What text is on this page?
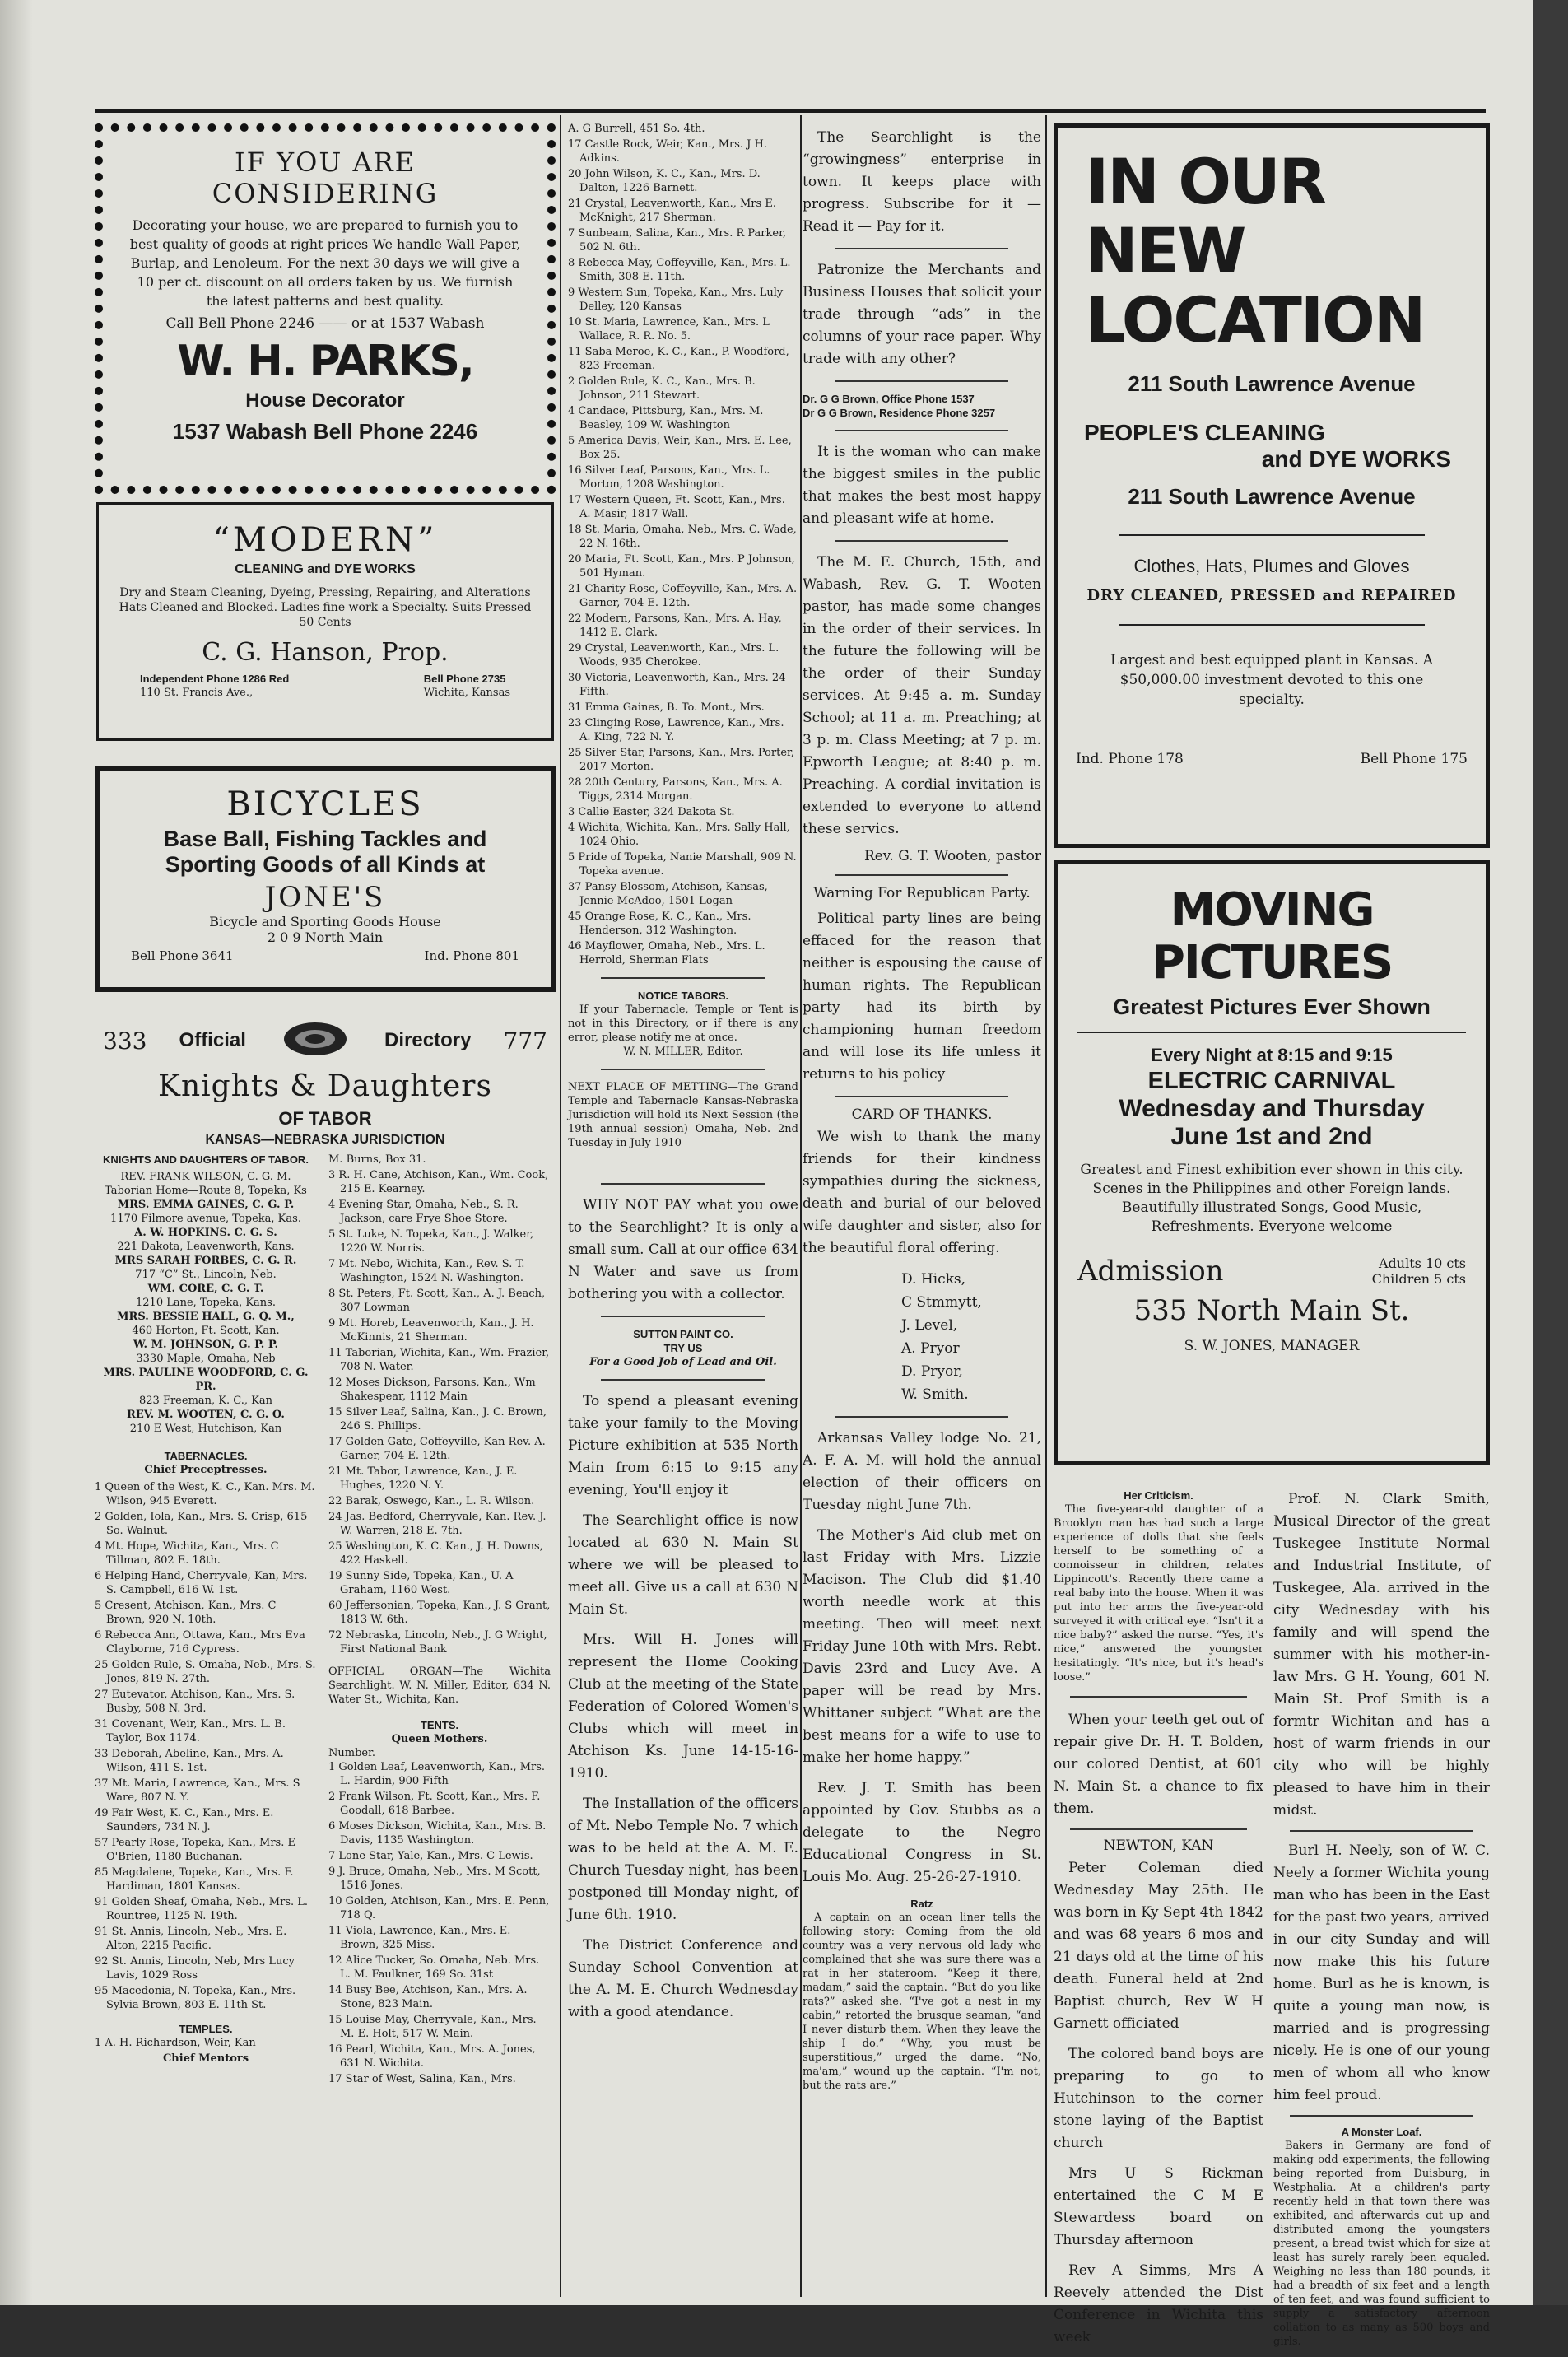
IF YOU ARE CONSIDERING

Decorating your house, we are prepared to furnish you to best quality of goods at right prices We handle Wall Paper, Burlap, and Lenoleum. For the next 30 days we will give a 10 per ct. discount on all orders taken by us. We furnish the latest patterns and best quality.

Call Bell Phone 2246 —— or at 1537 Wabash

W. H. PARKS,

House Decorator

1537 Wabash Bell Phone 2246

“MODERN”

CLEANING and DYE WORKS

Dry and Steam Cleaning, Dyeing, Pressing, Repairing, and Alterations Hats Cleaned and Blocked. Ladies fine work a Specialty. Suits Pressed 50 Cents

C. G. Hanson, Prop.

Independent Phone 1286 Red

110 St. Francis Ave.,

Bell Phone 2735

Wichita, Kansas

BICYCLES

Base Ball, Fishing Tackles and

Sporting Goods of all Kinds at

JONE'S

Bicycle and Sporting Goods House

2 0 9 North Main

Bell Phone 3641	Ind. Phone 801
333 Official	Directory 777

Knights & Daughters

OF TABOR

KANSAS—NEBRASKA JURISDICTION

KNIGHTS AND DAUGHTERS OF TABOR.

REV. FRANK WILSON, C. G. M.

Taborian Home—Route 8, Topeka, Ks

MRS. EMMA GAINES, C. G. P.

1170 Filmore avenue, Topeka, Kas.

A. W. HOPKINS. C. G. S.

221 Dakota, Leavenworth, Kans.

MRS SARAH FORBES, C. G. R.

717 “C” St., Lincoln, Neb.

WM. CORE, C. G. T.

1210 Lane, Topeka, Kans.

MRS. BESSIE HALL, G. Q. M.,

460 Horton, Ft. Scott, Kan.

W. M. JOHNSON, G. P. P.

3330 Maple, Omaha, Neb

MRS. PAULINE WOODFORD, C. G. PR.

823 Freeman, K. C., Kan

REV. M. WOOTEN, C. G. O.

210 E West, Hutchison, Kan

TABERNACLES.

Chief Preceptresses.

1 Queen of the West, K. C., Kan. Mrs. M. Wilson, 945 Everett.

2 Golden, Iola, Kan., Mrs. S. Crisp, 615 So. Walnut.

4 Mt. Hope, Wichita, Kan., Mrs. C Tillman, 802 E. 18th.

6 Helping Hand, Cherryvale, Kan, Mrs. S. Campbell, 616 W. 1st.

5 Cresent, Atchison, Kan., Mrs. C Brown, 920 N. 10th.

6 Rebecca Ann, Ottawa, Kan., Mrs Eva Clayborne, 716 Cypress.

25 Golden Rule, S. Omaha, Neb., Mrs. S. Jones, 819 N. 27th.

27 Eutevator, Atchison, Kan., Mrs. S. Busby, 508 N. 3rd.

31 Covenant, Weir, Kan., Mrs. L. B. Taylor, Box 1174.

33 Deborah, Abeline, Kan., Mrs. A. Wilson, 411 S. 1st.

37 Mt. Maria, Lawrence, Kan., Mrs. S Ware, 807 N. Y.

49 Fair West, K. C., Kan., Mrs. E. Saunders, 734 N. J.

57 Pearly Rose, Topeka, Kan., Mrs. E O'Brien, 1180 Buchanan.

85 Magdalene, Topeka, Kan., Mrs. F. Hardiman, 1801 Kansas.

91 Golden Sheaf, Omaha, Neb., Mrs. L. Rountree, 1125 N. 19th.

91 St. Annis, Lincoln, Neb., Mrs. E. Alton, 2215 Pacific.

92 St. Annis, Lincoln, Neb, Mrs Lucy Lavis, 1029 Ross

95 Macedonia, N. Topeka, Kan., Mrs. Sylvia Brown, 803 E. 11th St.

TEMPLES.

1 A. H. Richardson, Weir, Kan

Chief Mentors

M. Burns, Box 31.

3 R. H. Cane, Atchison, Kan., Wm. Cook, 215 E. Kearney.

4 Evening Star, Omaha, Neb., S. R. Jackson, care Frye Shoe Store.

5 St. Luke, N. Topeka, Kan., J. Walker, 1220 W. Norris.

7 Mt. Nebo, Wichita, Kan., Rev. S. T. Washington, 1524 N. Washington.

8 St. Peters, Ft. Scott, Kan., A. J. Beach, 307 Lowman

9 Mt. Horeb, Leavenworth, Kan., J. H. McKinnis, 21 Sherman.

11 Taborian, Wichita, Kan., Wm. Frazier, 708 N. Water.

12 Moses Dickson, Parsons, Kan., Wm Shakespear, 1112 Main

15 Silver Leaf, Salina, Kan., J. C. Brown, 246 S. Phillips.

17 Golden Gate, Coffeyville, Kan Rev. A. Garner, 704 E. 12th.

21 Mt. Tabor, Lawrence, Kan., J. E. Hughes, 1220 N. Y.

22 Barak, Oswego, Kan., L. R. Wilson.

24 Jas. Bedford, Cherryvale, Kan. Rev. J. W. Warren, 218 E. 7th.

25 Washington, K. C. Kan., J. H. Downs, 422 Haskell.

19 Sunny Side, Topeka, Kan., U. A Graham, 1160 West.

60 Jeffersonian, Topeka, Kan., J. S Grant, 1813 W. 6th.

72 Nebraska, Lincoln, Neb., J. G Wright, First National Bank

OFFICIAL ORGAN—The Wichita Searchlight. W. N. Miller, Editor, 634 N. Water St., Wichita, Kan.

TENTS.

Queen Mothers.

Number.

1 Golden Leaf, Leavenworth, Kan., Mrs. L. Hardin, 900 Fifth

2 Frank Wilson, Ft. Scott, Kan., Mrs. F. Goodall, 618 Barbee.

6 Moses Dickson, Wichita, Kan., Mrs. B. Davis, 1135 Washington.

7 Lone Star, Yale, Kan., Mrs. C Lewis.

9 J. Bruce, Omaha, Neb., Mrs. M Scott, 1516 Jones.

10 Golden, Atchison, Kan., Mrs. E. Penn, 718 Q.

11 Viola, Lawrence, Kan., Mrs. E. Brown, 325 Miss.

12 Alice Tucker, So. Omaha, Neb. Mrs. L. M. Faulkner, 169 So. 31st

14 Busy Bee, Atchison, Kan., Mrs. A. Stone, 823 Main.

15 Louise May, Cherryvale, Kan., Mrs. M. E. Holt, 517 W. Main.

16 Pearl, Wichita, Kan., Mrs. A. Jones, 631 N. Wichita.

17 Star of West, Salina, Kan., Mrs.

A. G Burrell, 451 So. 4th.

17 Castle Rock, Weir, Kan., Mrs. J H. Adkins.

20 John Wilson, K. C., Kan., Mrs. D. Dalton, 1226 Barnett.

21 Crystal, Leavenworth, Kan., Mrs E. McKnight, 217 Sherman.

7 Sunbeam, Salina, Kan., Mrs. R Parker, 502 N. 6th.

8 Rebecca May, Coffeyville, Kan., Mrs. L. Smith, 308 E. 11th.

9 Western Sun, Topeka, Kan., Mrs. Luly Delley, 120 Kansas

10 St. Maria, Lawrence, Kan., Mrs. L Wallace, R. R. No. 5.

11 Saba Meroe, K. C., Kan., P. Woodford, 823 Freeman.

2 Golden Rule, K. C., Kan., Mrs. B. Johnson, 211 Stewart.

4 Candace, Pittsburg, Kan., Mrs. M. Beasley, 109 W. Washington

5 America Davis, Weir, Kan., Mrs. E. Lee, Box 25.

16 Silver Leaf, Parsons, Kan., Mrs. L. Morton, 1208 Washington.

17 Western Queen, Ft. Scott, Kan., Mrs. A. Masir, 1817 Wall.

18 St. Maria, Omaha, Neb., Mrs. C. Wade, 22 N. 16th.

20 Maria, Ft. Scott, Kan., Mrs. P Johnson, 501 Hyman.

21 Charity Rose, Coffeyville, Kan., Mrs. A. Garner, 704 E. 12th.

22 Modern, Parsons, Kan., Mrs. A. Hay, 1412 E. Clark.

29 Crystal, Leavenworth, Kan., Mrs. L. Woods, 935 Cherokee.

30 Victoria, Leavenworth, Kan., Mrs. 24 Fifth.

31 Emma Gaines, B. To. Mont., Mrs.

23 Clinging Rose, Lawrence, Kan., Mrs. A. King, 722 N. Y.

25 Silver Star, Parsons, Kan., Mrs. Porter, 2017 Morton.

28 20th Century, Parsons, Kan., Mrs. A. Tiggs, 2314 Morgan.

3 Callie Easter, 324 Dakota St.

4 Wichita, Wichita, Kan., Mrs. Sally Hall, 1024 Ohio.

5 Pride of Topeka, Nanie Marshall, 909 N. Topeka avenue.

37 Pansy Blossom, Atchison, Kansas, Jennie McAdoo, 1501 Logan

45 Orange Rose, K. C., Kan., Mrs. Henderson, 312 Washington.

46 Mayflower, Omaha, Neb., Mrs. L. Herrold, Sherman Flats

NOTICE TABORS.

If your Tabernacle, Temple or Tent is not in this Directory, or if there is any error, please notify me at once.

W. N. MILLER, Editor.

NEXT PLACE OF METTING—The Grand Temple and Tabernacle Kansas-Nebraska Jurisdiction will hold its Next Session (the 19th annual session) Omaha, Neb. 2nd Tuesday in July 1910

WHY NOT PAY what you owe to the Searchlight? It is only a small sum. Call at our office 634 N Water and save us from bothering you with a collector.

SUTTON PAINT CO.

TRY US

For a Good Job of Lead and Oil.

To spend a pleasant evening take your family to the Moving Picture exhibition at 535 North Main from 6:15 to 9:15 any evening, You'll enjoy it

The Searchlight office is now located at 630 N. Main St where we will be pleased to meet all. Give us a call at 630 N Main St.

Mrs. Will H. Jones will represent the Home Cooking Club at the meeting of the State Federation of Colored Women's Clubs which will meet in Atchison Ks. June 14-15-16-1910.

The Installation of the officers of Mt. Nebo Temple No. 7 which was to be held at the A. M. E. Church Tuesday night, has been postponed till Monday night, of June 6th. 1910.

The District Conference and Sunday School Convention at the A. M. E. Church Wednesday with a good atendance.

The Searchlight is the “growingness” enterprise in town. It keeps place with progress. Subscribe for it — Read it — Pay for it.

Patronize the Merchants and Business Houses that solicit your trade through “ads” in the columns of your race paper. Why trade with any other?

Dr. G G Brown, Office Phone 1537

Dr G G Brown, Residence Phone 3257

It is the woman who can make the biggest smiles in the public that makes the best most happy and pleasant wife at home.

The M. E. Church, 15th, and Wabash, Rev. G. T. Wooten pastor, has made some changes in the order of their services. In the future the following will be the order of their Sunday services. At 9:45 a. m. Sunday School; at 11 a. m. Preaching; at 3 p. m. Class Meeting; at 7 p. m. Epworth League; at 8:40 p. m. Preaching. A cordial invitation is extended to everyone to attend these servics.

Rev. G. T. Wooten, pastor

Warning For Republican Party.

Political party lines are being effaced for the reason that neither is espousing the cause of human rights. The Republican party had its birth by championing human freedom and will lose its life unless it returns to his policy

CARD OF THANKS.

We wish to thank the many friends for their kindness sympathies during the sickness, death and burial of our beloved wife daughter and sister, also for the beautiful floral offering.

D. Hicks,

C Stmmytt,

J. Level,

A. Pryor

D. Pryor,

W. Smith.

Arkansas Valley lodge No. 21, A. F. A. M. will hold the annual election of their officers on Tuesday night June 7th.

The Mother's Aid club met on last Friday with Mrs. Lizzie Macison. The Club did $1.40 worth needle work at this meeting. Theo will meet next Friday June 10th with Mrs. Rebt. Davis 23rd and Lucy Ave. A paper will be read by Mrs. Whittaner subject “What are the best means for a wife to use to make her home happy.”

Rev. J. T. Smith has been appointed by Gov. Stubbs as a delegate to the Negro Educational Congress in St. Louis Mo. Aug. 25-26-27-1910.

Ratz

A captain on an ocean liner tells the following story: Coming from the old country was a very nervous old lady who complained that she was sure there was a rat in her stateroom. “Keep it there, madam,” said the captain. “But do you like rats?” asked she. “I've got a nest in my cabin,” retorted the brusque seaman, “and I never disturb them. When they leave the ship I do.” “Why, you must be superstitious,” urged the dame. “No, ma'am,” wound up the captain. “I'm not, but the rats are.”

IN OUR

NEW LOCATION

211 South Lawrence Avenue

PEOPLE'S CLEANING

and DYE WORKS

211 South Lawrence Avenue

Clothes, Hats, Plumes and Gloves

DRY CLEANED, PRESSED and REPAIRED

Largest and best equipped plant in Kansas. A $50,000.00 investment devoted to this one specialty.

Ind. Phone 178	Bell Phone 175

MOVING PICTURES

Greatest Pictures Ever Shown

Every Night at 8:15 and 9:15

ELECTRIC CARNIVAL

Wednesday and Thursday

June 1st and 2nd

Greatest and Finest exhibition ever shown in this city. Scenes in the Philippines and other Foreign lands. Beautifully illustrated Songs, Good Music, Refreshments. Everyone welcome

Admission	Adults 10 cts

Children 5 cts

535 North Main St.

S. W. JONES, MANAGER

Her Criticism.

The five-year-old daughter of a Brooklyn man has had such a large experience of dolls that she feels herself to be something of a connoisseur in children, relates Lippincott's. Recently there came a real baby into the house. When it was put into her arms the five-year-old surveyed it with critical eye. “Isn't it a nice baby?” asked the nurse. “Yes, it's nice,” answered the youngster hesitatingly. “It's nice, but it's head's loose.”

When your teeth get out of repair give Dr. H. T. Bolden, our colored Dentist, at 601 N. Main St. a chance to fix them.

NEWTON, KAN

Peter Coleman died Wednesday May 25th. He was born in Ky Sept 4th 1842 and was 68 years 6 mos and 21 days old at the time of his death. Funeral held at 2nd Baptist church, Rev W H Garnett officiated

The colored band boys are preparing to go to Hutchinson to the corner stone laying of the Baptist church

Mrs U S Rickman entertained the C M E Stewardess board on Thursday afternoon

Rev A Simms, Mrs A Reevely attended the Dist Conference in Wichita this week

Prof. N. Clark Smith, Musical Director of the great Tuskegee Institute Normal and Industrial Institute, of Tuskegee, Ala. arrived in the city Wednesday with his family and will spend the summer with his mother-in-law Mrs. G H. Young, 601 N. Main St. Prof Smith is a formtr Wichitan and has a host of warm friends in our city who will be highly pleased to have him in their midst.

Burl H. Neely, son of W. C. Neely a former Wichita young man who has been in the East for the past two years, arrived in our city Sunday and will now make this his future home. Burl as he is known, is quite a young man now, is married and is progressing nicely. He is one of our young men of whom all who know him feel proud.

A Monster Loaf.

Bakers in Germany are fond of making odd experiments, the following being reported from Duisburg, in Westphalia. At a children's party recently held in that town there was exhibited, and afterwards cut up and distributed among the youngsters present, a bread twist which for size at least has surely rarely been equaled. Weighing no less than 180 pounds, it had a breadth of six feet and a length of ten feet, and was found sufficient to supply a satisfactory afternoon collation to as many as 500 boys and girls.
